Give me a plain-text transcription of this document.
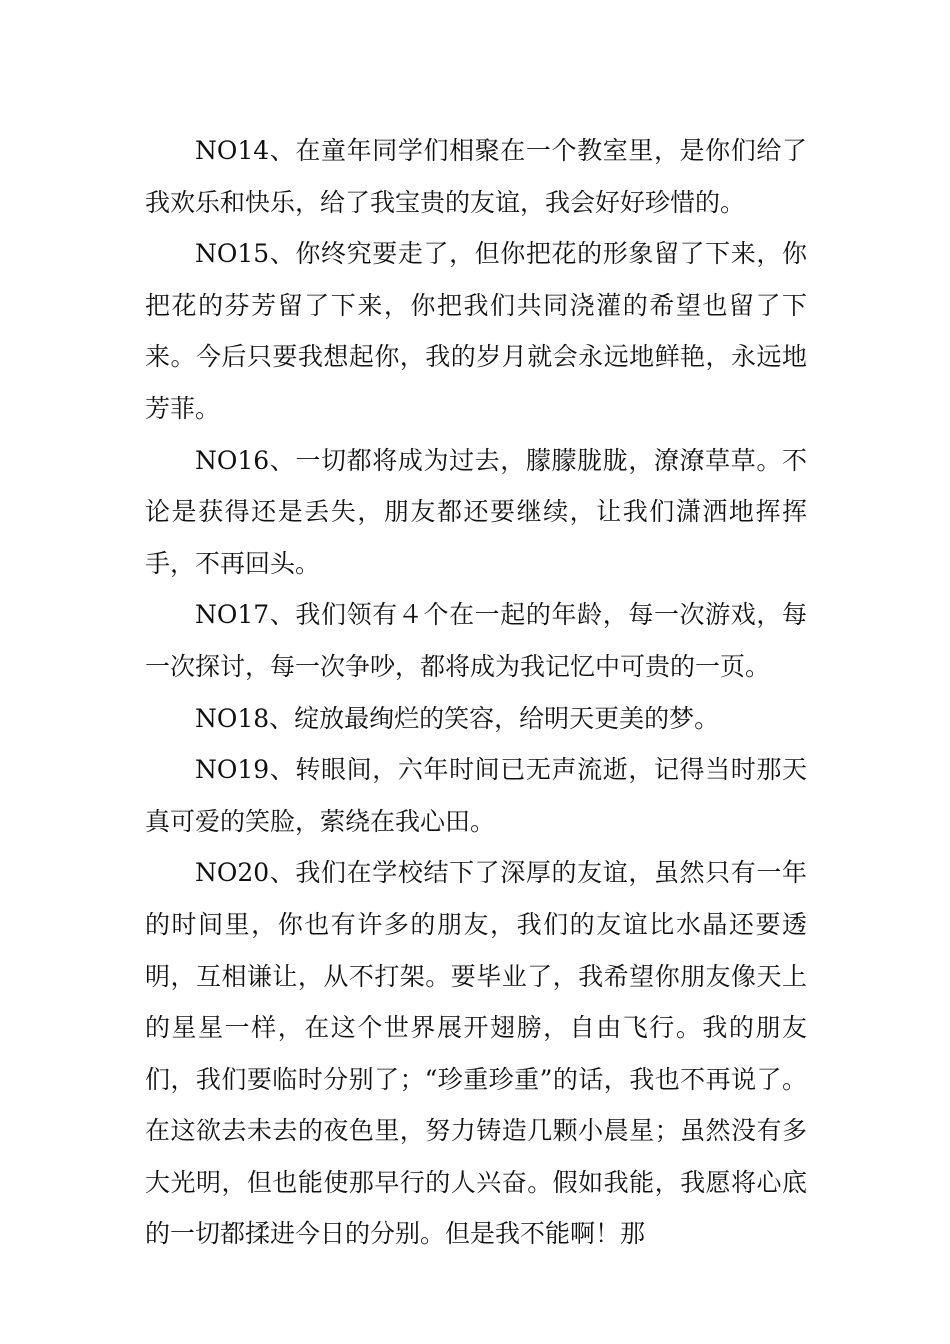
NO14、在童年同学们相聚在一个教室里，是你们给了我欢乐和快乐，给了我宝贵的友谊，我会好好珍惜的。

NO15、你终究要走了，但你把花的形象留了下来，你把花的芬芳留了下来，你把我们共同浇灌的希望也留了下来。今后只要我想起你，我的岁月就会永远地鲜艳，永远地芳菲。

NO16、一切都将成为过去，朦朦胧胧，潦潦草草。不论是获得还是丢失，朋友都还要继续，让我们潇洒地挥挥手，不再回头。

NO17、我们领有４个在一起的年龄，每一次游戏，每一次探讨，每一次争吵，都将成为我记忆中可贵的一页。

NO18、绽放最绚烂的笑容，给明天更美的梦。

NO19、转眼间，六年时间已无声流逝，记得当时那天真可爱的笑脸，萦绕在我心田。

NO20、我们在学校结下了深厚的友谊，虽然只有一年的时间里，你也有许多的朋友，我们的友谊比水晶还要透明，互相谦让，从不打架。要毕业了，我希望你朋友像天上的星星一样，在这个世界展开翅膀，自由飞行。我的朋友们，我们要临时分别了；“珍重珍重”的话，我也不再说了。在这欲去未去的夜色里，努力铸造几颗小晨星；虽然没有多大光明，但也能使那早行的人兴奋。假如我能，我愿将心底的一切都揉进今日的分别。但是我不能啊！那
